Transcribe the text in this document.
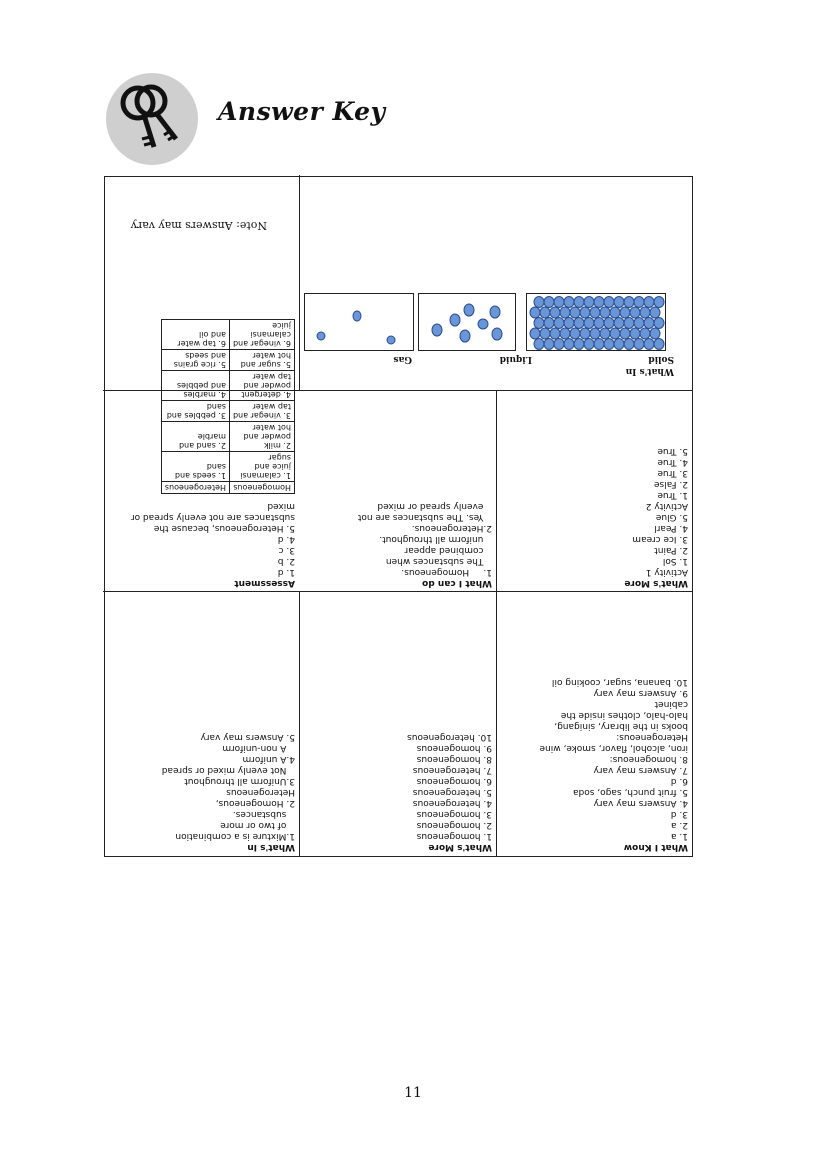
Answer Key

What I Know

1. a
2. a
3. d
4. Answers may vary
5. fruit punch, sago, soda
6. d
7. Answers may vary
8. homogeneous:
iron, alcohol, flavor, smoke, wine
Heterogeneous:
books in the library, sinigang,
halo-halo, clothes inside the
cabinet
9. Answers may vary
10. banana, sugar, cooking oil

What's More

1. homogeneous
2. homogeneous
3. homogeneous
4. heterogeneous
5. heterogeneous
6. homogeneous
7. heterogeneous
8. homogeneous
9. homogeneous
10. heterogeneous

What's In

1.Mixture is a combination
of two or more
substances.
2. Homogeneous,
Heterogeneous
3.Uniform all throughout
Not evenly mixed or spread
4.A uniform
A non-uniform
5. Answers may vary

What's More

Activity 1

1. Sol
2. Paint
3. Ice cream
4. Pearl
5. Glue

Activity 2

1. True
2. False
3. True
4. True
5. True

What I can do

1.     Homogeneous.
The substances when
combined appear
uniform all throughout.
2.Heterogeneous.
Yes. The substances are not
evenly spread or mixed

Assessment

1. d
2. b
3. c
4. d
5. Heterogeneous, because the
substances are not evenly spread or
mixed

Homogeneous	Heterogeneous
1. calamansi
juice and
sugar	1. seeds and
sand
2. milk
powder and
hot water	2. sand and
marble
3. vinegar and
tap water	3. pebbles and
sand
4. detergent
powder and
tap water	4. marbles
and pebbles
5. sugar and
hot water	5. rice grains
and seeds
6. vinegar and
calamansi
juice	6. tap water
and oil
What's In
Solid
Liquid
Gas
Note: Answers may vary
11
